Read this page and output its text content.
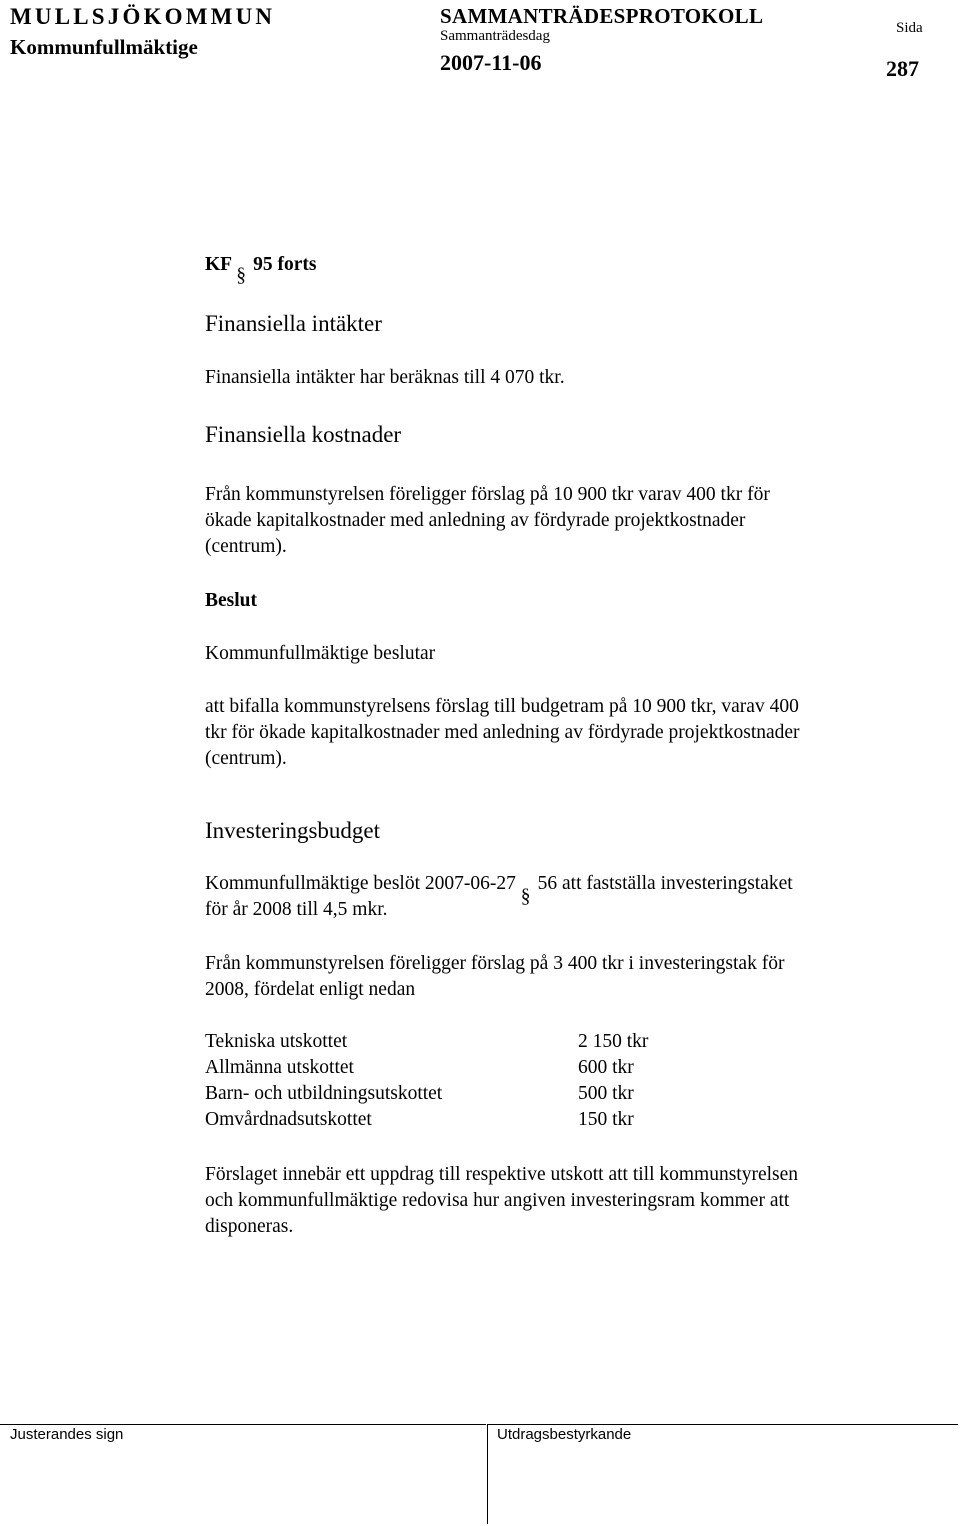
MULLSJÖKOMMUN
Kommunfullmäktige
SAMMANTRÄDESPROTOKOLL
Sammanträdesdag
2007-11-06
Sida
287
KF
§
95 forts
Finansiella intäkter
Finansiella intäkter har beräknas till 4 070 tkr.
Finansiella kostnader
Från kommunstyrelsen föreligger förslag på 10 900 tkr varav 400 tkr för
ökade kapitalkostnader med anledning av fördyrade projektkostnader
(centrum).
Beslut
Kommunfullmäktige beslutar
att bifalla kommunstyrelsens förslag till budgetram på 10 900 tkr, varav 400
tkr för ökade kapitalkostnader med anledning av fördyrade projektkostnader
(centrum).
Investeringsbudget
Kommunfullmäktige beslöt 2007-06-27
§
56 att fastställa investeringstaket
för år 2008 till 4,5 mkr.
Från kommunstyrelsen föreligger förslag på 3 400 tkr i investeringstak för
2008, fördelat enligt nedan
Tekniska utskottet	2 150 tkr
Allmänna utskottet	600 tkr
Barn- och utbildningsutskottet	500 tkr
Omvårdnadsutskottet	150 tkr
Förslaget innebär ett uppdrag till respektive utskott att till kommunstyrelsen
och kommunfullmäktige redovisa hur angiven investeringsram kommer att
disponeras.
Justerandes sign	Utdragsbestyrkande
